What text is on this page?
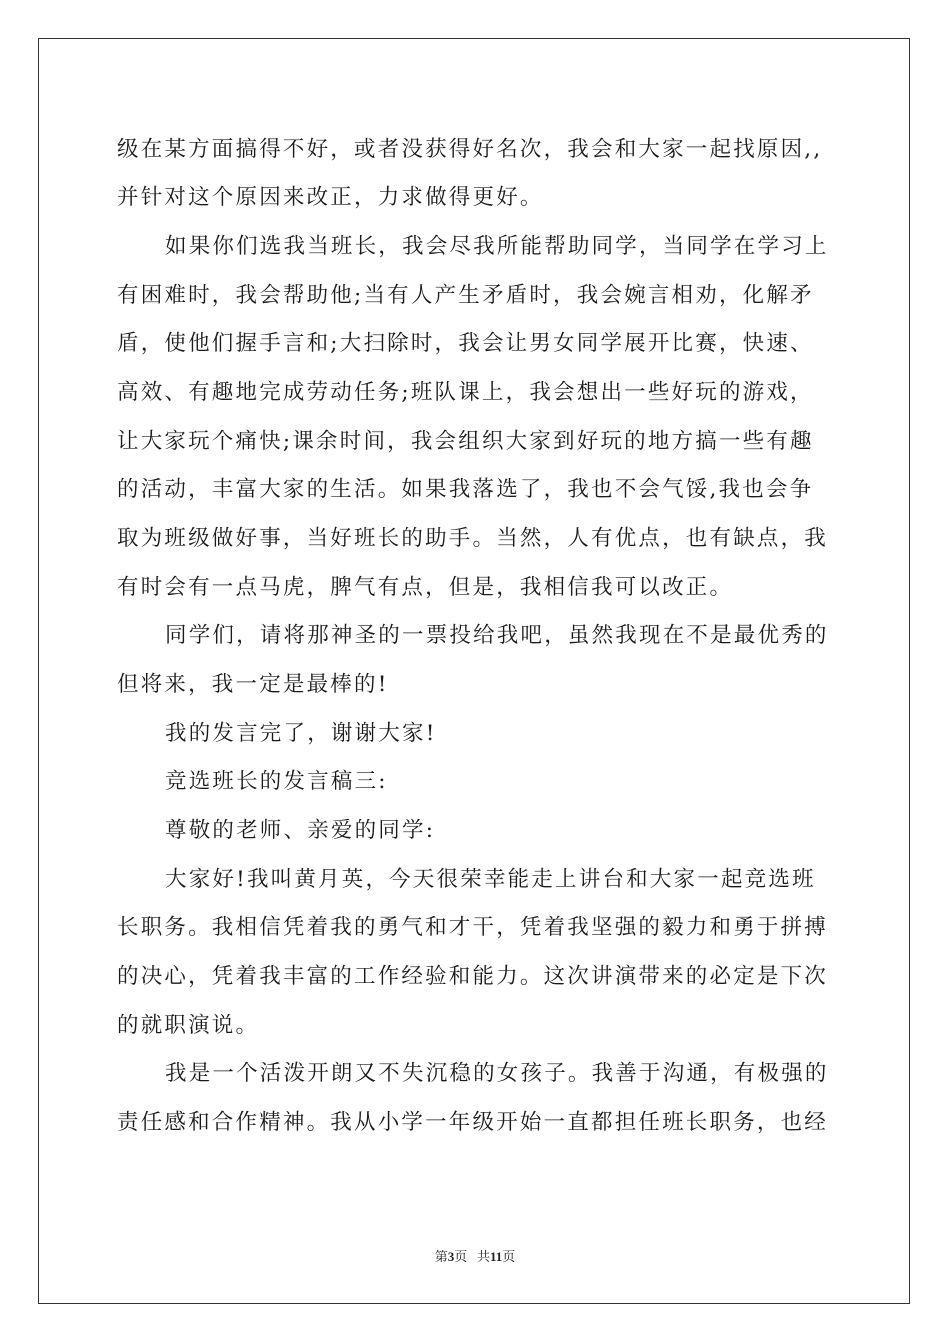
级在某方面搞得不好，或者没获得好名次，我会和大家一起找原因,,
并针对这个原因来改正，力求做得更好。
如果你们选我当班长，我会尽我所能帮助同学，当同学在学习上
有困难时，我会帮助他;当有人产生矛盾时，我会婉言相劝，化解矛
盾，使他们握手言和;大扫除时，我会让男女同学展开比赛，快速、
高效、有趣地完成劳动任务;班队课上，我会想出一些好玩的游戏，
让大家玩个痛快;课余时间，我会组织大家到好玩的地方搞一些有趣
的活动，丰富大家的生活。如果我落选了，我也不会气馁,我也会争
取为班级做好事，当好班长的助手。当然，人有优点，也有缺点，我
有时会有一点马虎，脾气有点，但是，我相信我可以改正。
同学们，请将那神圣的一票投给我吧，虽然我现在不是最优秀的
但将来，我一定是最棒的!
我的发言完了，谢谢大家!
竞选班长的发言稿三:
尊敬的老师、亲爱的同学:
大家好!我叫黄月英，今天很荣幸能走上讲台和大家一起竞选班
长职务。我相信凭着我的勇气和才干，凭着我坚强的毅力和勇于拼搏
的决心，凭着我丰富的工作经验和能力。这次讲演带来的必定是下次
的就职演说。
我是一个活泼开朗又不失沉稳的女孩子。我善于沟通，有极强的
责任感和合作精神。我从小学一年级开始一直都担任班长职务，也经
第3页 共11页
